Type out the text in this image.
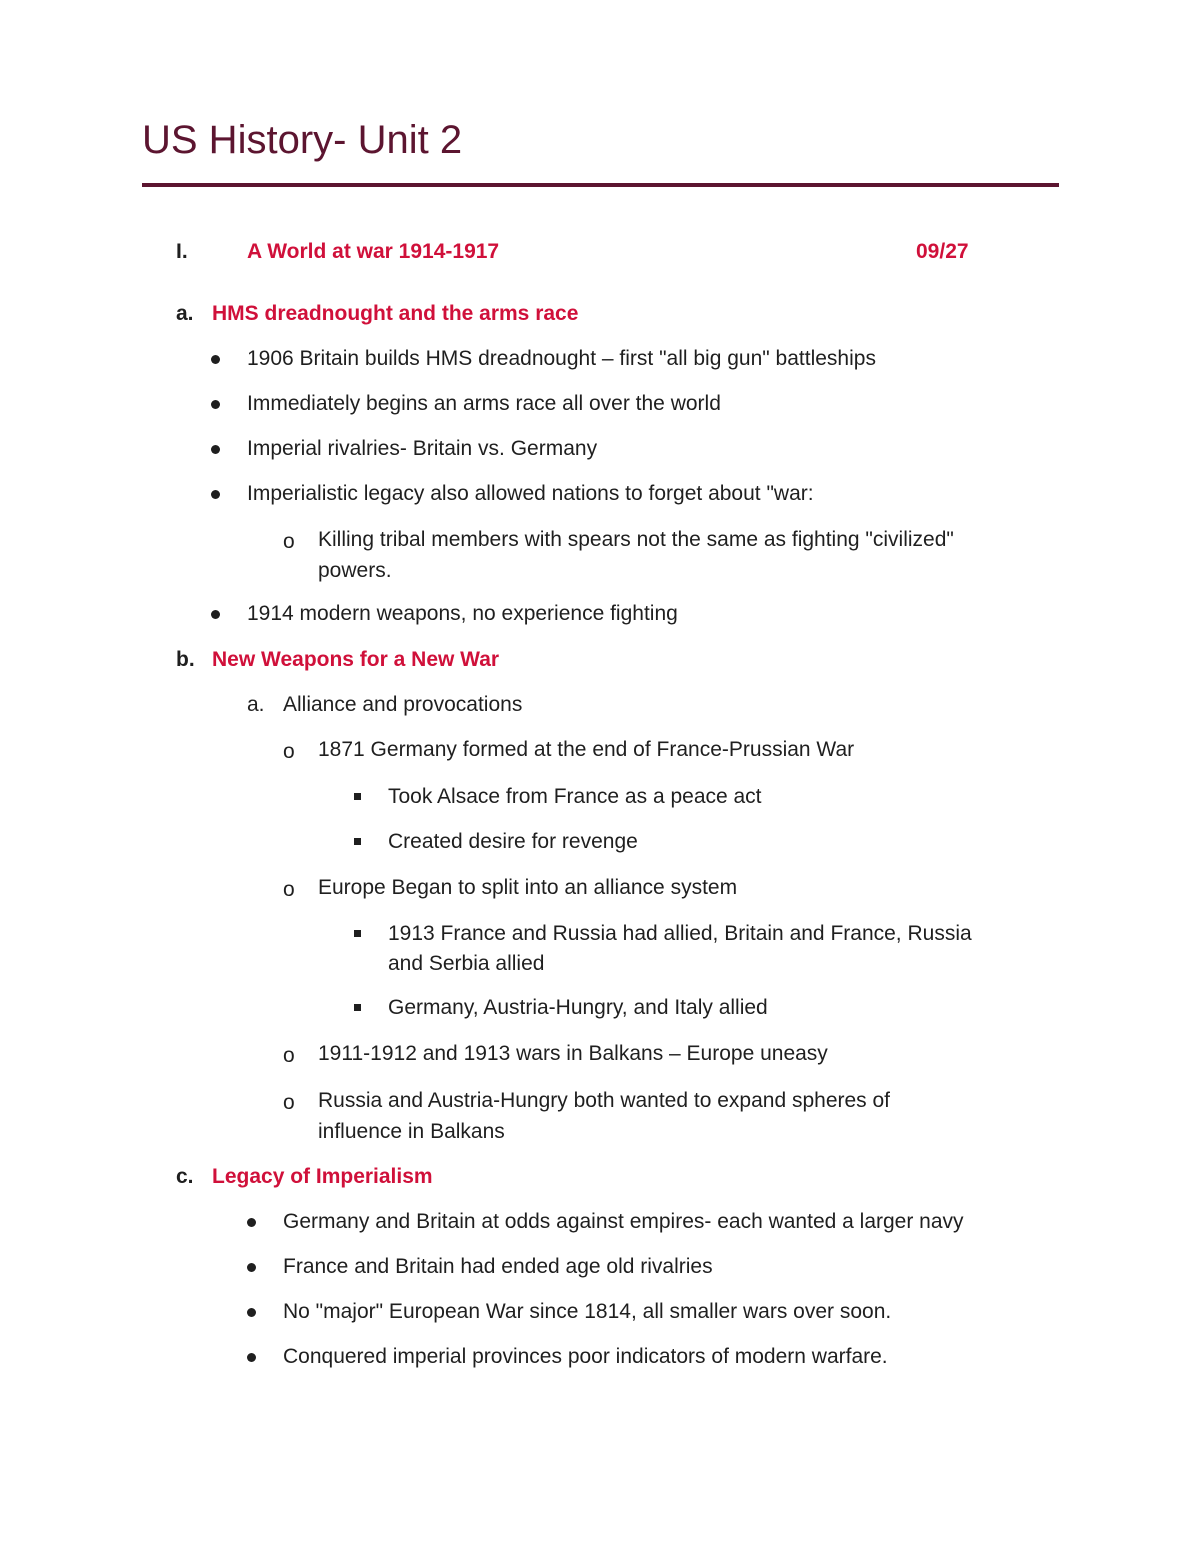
US History- Unit 2
I.	A World at war 1914-1917	09/27
a. HMS dreadnought and the arms race
1906 Britain builds HMS dreadnought – first "all big gun" battleships
Immediately begins an arms race all over the world
Imperial rivalries- Britain vs. Germany
Imperialistic legacy also allowed nations to forget about "war:
o Killing tribal members with spears not the same as fighting "civilized"
powers.
1914 modern weapons, no experience fighting
b. New Weapons for a New War
a. Alliance and provocations
o 1871 Germany formed at the end of France-Prussian War
Took Alsace from France as a peace act
Created desire for revenge
o Europe Began to split into an alliance system
1913 France and Russia had allied, Britain and France, Russia
and Serbia allied
Germany, Austria-Hungry, and Italy allied
o 1911-1912 and 1913 wars in Balkans – Europe uneasy
o Russia and Austria-Hungry both wanted to expand spheres of
influence in Balkans
c. Legacy of Imperialism
Germany and Britain at odds against empires- each wanted a larger navy
France and Britain had ended age old rivalries
No "major" European War since 1814, all smaller wars over soon.
Conquered imperial provinces poor indicators of modern warfare.
